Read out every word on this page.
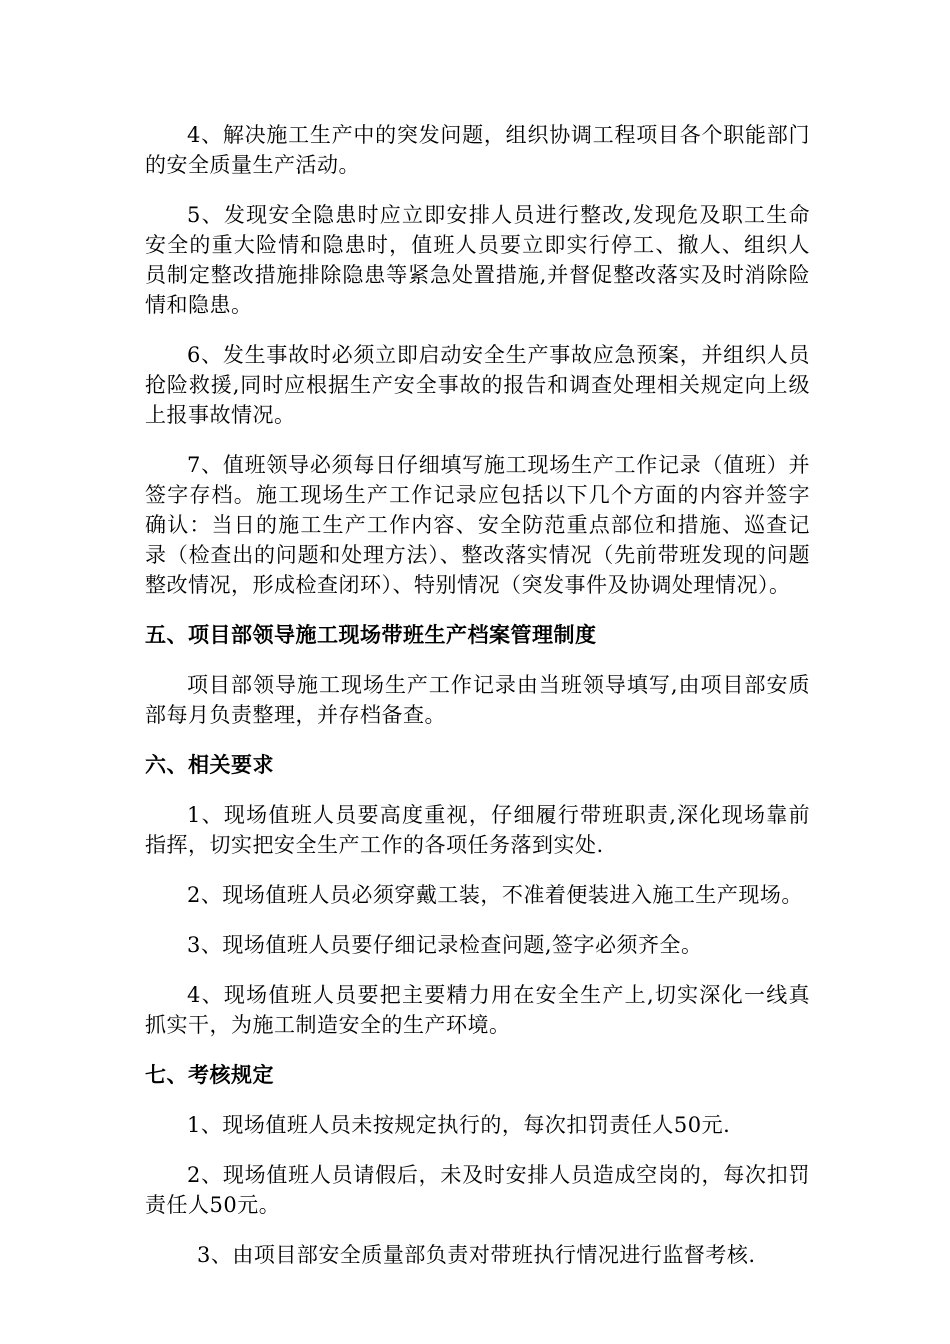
4、解决施工生产中的突发问题，组织协调工程项目各个职能部门的安全质量生产活动。

5、发现安全隐患时应立即安排人员进行整改,发现危及职工生命安全的重大险情和隐患时，值班人员要立即实行停工、撤人、组织人员制定整改措施排除隐患等紧急处置措施,并督促整改落实及时消除险情和隐患。

6、发生事故时必须立即启动安全生产事故应急预案，并组织人员抢险救援,同时应根据生产安全事故的报告和调查处理相关规定向上级上报事故情况。

7、值班领导必须每日仔细填写施工现场生产工作记录（值班）并签字存档。施工现场生产工作记录应包括以下几个方面的内容并签字确认：当日的施工生产工作内容、安全防范重点部位和措施、巡查记录（检查出的问题和处理方法）、整改落实情况（先前带班发现的问题整改情况，形成检查闭环）、特别情况（突发事件及协调处理情况）。

五、项目部领导施工现场带班生产档案管理制度

项目部领导施工现场生产工作记录由当班领导填写,由项目部安质部每月负责整理，并存档备查。

六、相关要求

1、现场值班人员要高度重视，仔细履行带班职责,深化现场靠前指挥，切实把安全生产工作的各项任务落到实处.

2、现场值班人员必须穿戴工装，不准着便装进入施工生产现场。

3、现场值班人员要仔细记录检查问题,签字必须齐全。

4、现场值班人员要把主要精力用在安全生产上,切实深化一线真抓实干，为施工制造安全的生产环境。

七、考核规定

1、现场值班人员未按规定执行的，每次扣罚责任人50元.

2、现场值班人员请假后，未及时安排人员造成空岗的，每次扣罚责任人50元。

3、由项目部安全质量部负责对带班执行情况进行监督考核.
